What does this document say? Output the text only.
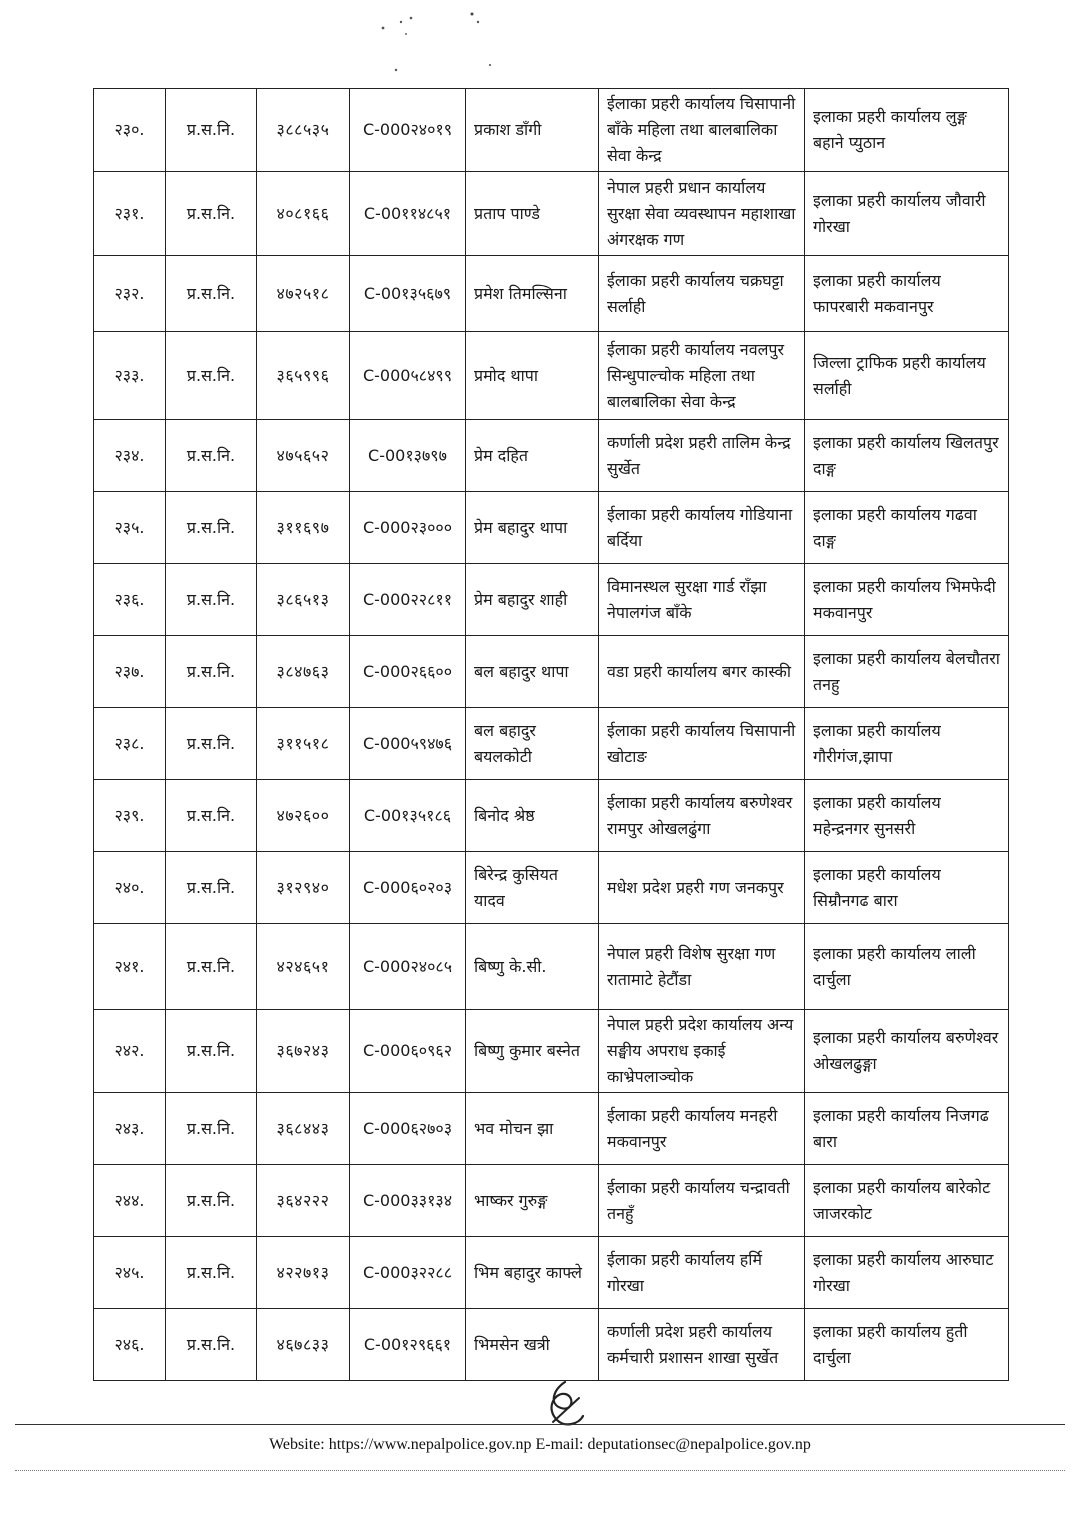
२३०.	प्र.स.नि.	३८८५३५	C-000२४०१९	प्रकाश डाँगी	ईलाका प्रहरी कार्यालय चिसापानी बाँके महिला तथा बालबालिका सेवा केन्द्र	इलाका प्रहरी कार्यालय लुङ्ग बहाने प्युठान
२३१.	प्र.स.नि.	४०८१६६	C-00११४८५१	प्रताप पाण्डे	नेपाल प्रहरी प्रधान कार्यालय सुरक्षा सेवा व्यवस्थापन महाशाखा अंगरक्षक गण	इलाका प्रहरी कार्यालय जौवारी गोरखा
२३२.	प्र.स.नि.	४७२५१८	C-00१३५६७९	प्रमेश तिमल्सिना	ईलाका प्रहरी कार्यालय चक्रघट्टा सर्लाही	इलाका प्रहरी कार्यालय फापरबारी मकवानपुर
२३३.	प्र.स.नि.	३६५९९६	C-000५८४९९	प्रमोद थापा	ईलाका प्रहरी कार्यालय नवलपुर सिन्धुपाल्चोक महिला तथा बालबालिका सेवा केन्द्र	जिल्ला ट्राफिक प्रहरी कार्यालय सर्लाही
२३४.	प्र.स.नि.	४७५६५२	C-00१३७९७	प्रेम दहित	कर्णाली प्रदेश प्रहरी तालिम केन्द्र सुर्खेत	इलाका प्रहरी कार्यालय खिलतपुर दाङ्ग
२३५.	प्र.स.नि.	३११६९७	C-000२३०००	प्रेम बहादुर थापा	ईलाका प्रहरी कार्यालय गोडियाना बर्दिया	इलाका प्रहरी कार्यालय गढवा दाङ्ग
२३६.	प्र.स.नि.	३८६५१३	C-000२२८११	प्रेम बहादुर शाही	विमानस्थल सुरक्षा गार्ड राँझा नेपालगंज बाँके	इलाका प्रहरी कार्यालय भिमफेदी मकवानपुर
२३७.	प्र.स.नि.	३८४७६३	C-000२६६००	बल बहादुर थापा	वडा प्रहरी कार्यालय बगर कास्की	इलाका प्रहरी कार्यालय बेलचौतरा तनहु
२३८.	प्र.स.नि.	३११५१८	C-000५९४७६	बल बहादुर बयलकोटी	ईलाका प्रहरी कार्यालय चिसापानी खोटाङ	इलाका प्रहरी कार्यालय गौरीगंज,झापा
२३९.	प्र.स.नि.	४७२६००	C-00१३५१८६	बिनोद श्रेष्ठ	ईलाका प्रहरी कार्यालय बरुणेश्वर रामपुर ओखलढुंगा	इलाका प्रहरी कार्यालय महेन्द्रनगर सुनसरी
२४०.	प्र.स.नि.	३१२९४०	C-000६०२०३	बिरेन्द्र कुसियत यादव	मधेश प्रदेश प्रहरी गण जनकपुर	इलाका प्रहरी कार्यालय सिम्रौनगढ बारा
२४१.	प्र.स.नि.	४२४६५१	C-000२४०८५	बिष्णु के.सी.	नेपाल प्रहरी विशेष सुरक्षा गण रातामाटे हेटौंडा	इलाका प्रहरी कार्यालय लाली दार्चुला
२४२.	प्र.स.नि.	३६७२४३	C-000६०९६२	बिष्णु कुमार बस्नेत	नेपाल प्रहरी प्रदेश कार्यालय अन्य सङ्घीय अपराध इकाई काभ्रेपलाञ्चोक	इलाका प्रहरी कार्यालय बरुणेश्वर ओखलढुङ्गा
२४३.	प्र.स.नि.	३६८४४३	C-000६२७०३	भव मोचन झा	ईलाका प्रहरी कार्यालय मनहरी मकवानपुर	इलाका प्रहरी कार्यालय निजगढ बारा
२४४.	प्र.स.नि.	३६४२२२	C-000३३१३४	भाष्कर गुरुङ्ग	ईलाका प्रहरी कार्यालय चन्द्रावती तनहुँ	इलाका प्रहरी कार्यालय बारेकोट जाजरकोट
२४५.	प्र.स.नि.	४२२७१३	C-000३२२८८	भिम बहादुर काफ्ले	ईलाका प्रहरी कार्यालय हर्मि गोरखा	इलाका प्रहरी कार्यालय आरुघाट गोरखा
२४६.	प्र.स.नि.	४६७८३३	C-00१२९६६१	भिमसेन खत्री	कर्णाली प्रदेश प्रहरी कार्यालय कर्मचारी प्रशासन शाखा सुर्खेत	इलाका प्रहरी कार्यालय हुती दार्चुला
Website: https://www.nepalpolice.gov.np E-mail: deputationsec@nepalpolice.gov.np
